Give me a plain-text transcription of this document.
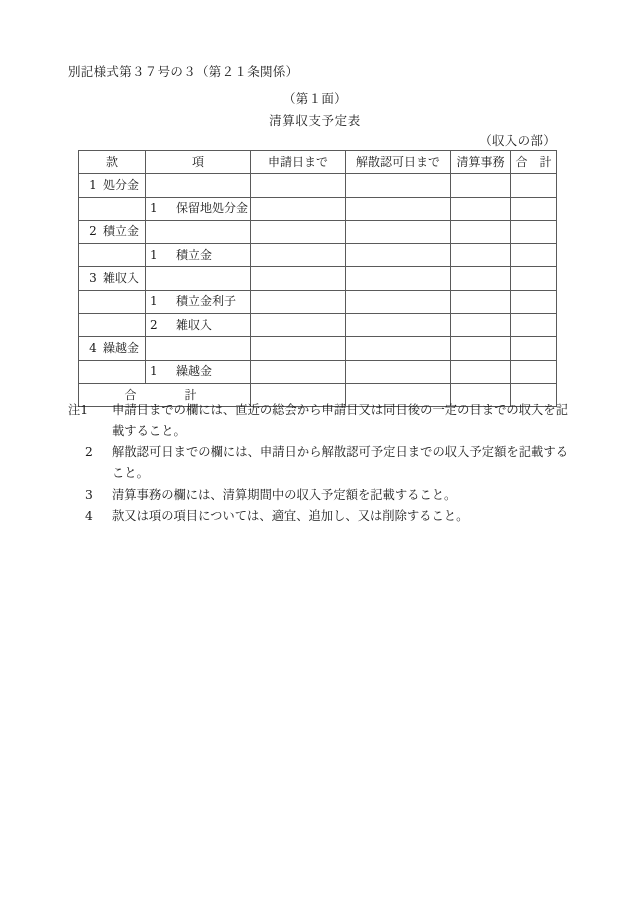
別記様式第３７号の３（第２１条関係）
（第１面）
清算収支予定表
（収入の部）
款	項	申請日まで	解散認可日まで	清算事務	合　計
1 処分金					
	1 保留地処分金				
2 積立金					
	1 積立金				
3 雑収入					
	1 積立金利子				
	2 雑収入				
4 繰越金					
	1 繰越金				
合　　計					
注1 申請日までの欄には、直近の総会から申請日又は同日後の一定の日までの収入を記載すること。
2 解散認可日までの欄には、申請日から解散認可予定日までの収入予定額を記載すること。
3 清算事務の欄には、清算期間中の収入予定額を記載すること。
4 款又は項の項目については、適宜、追加し、又は削除すること。
